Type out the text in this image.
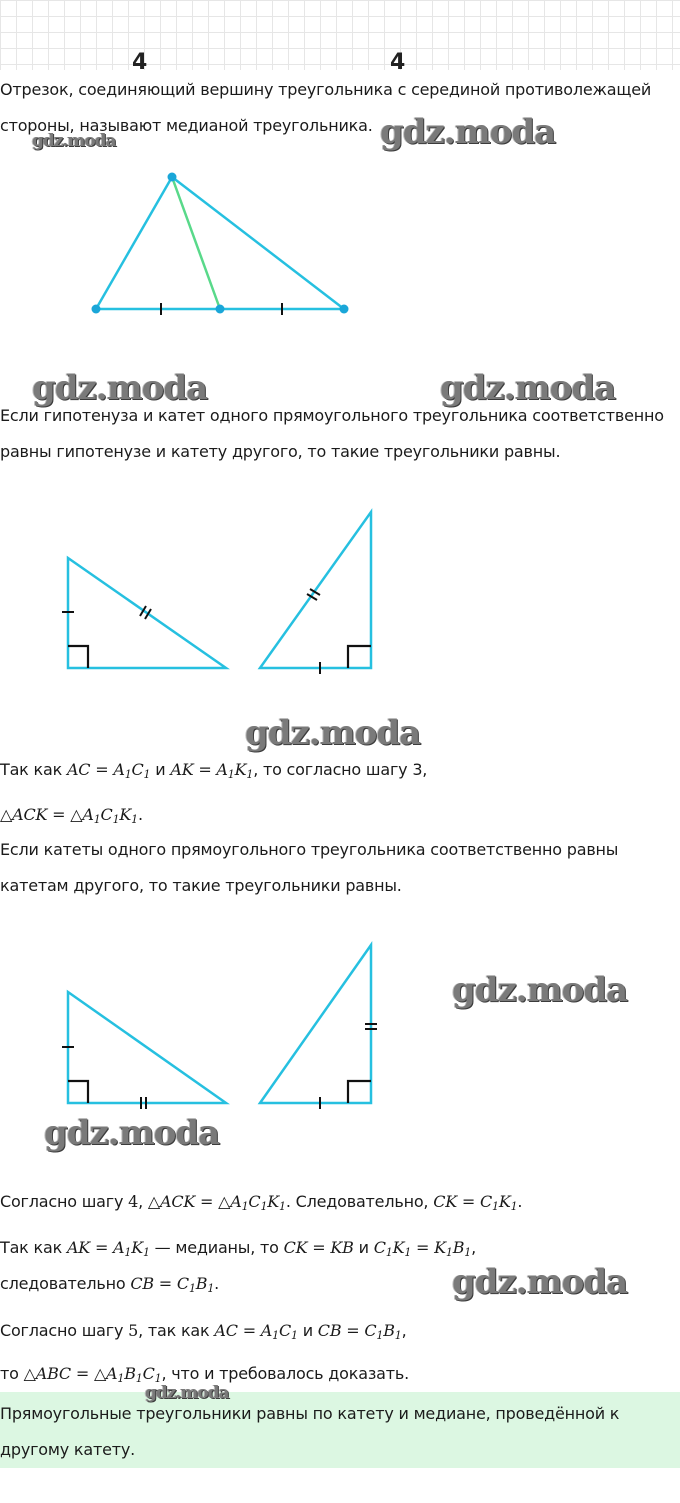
4	4

Отрезок, соединяющий вершину треугольника с серединой противолежащей

стороны, называют медианой треугольника.

Если гипотенуза и катет одного прямоугольного треугольника соответственно

равны гипотенузе и катету другого, то такие треугольники равны.

Так как AC = $A_1C_1$ и AK = $A_1K_1$, то согласно шагу 3,

△ACK = $\triangle A_1C_1K_1$.

Если катеты одного прямоугольного треугольника соответственно равны

катетам другого, то такие треугольники равны.

Согласно шагу 4, △ACK = $\triangle A_1C_1K_1$. Следовательно, CK = $C_1K_1$.

Так как AK = $A_1K_1$ — медианы, то CK = KB и $C_1K_1 = K_1B_1$,

следовательно CB = $C_1B_1$.

Согласно шагу 5, так как AC = $A_1C_1$ и CB = $C_1B_1$,

то △ABC = $\triangle A_1B_1C_1$, что и требовалось доказать.

Прямоугольные треугольники равны по катету и медиане, проведённой к

другому катету.

gdz.moda
gdz.moda
gdz.moda	gdz.moda
gdz.moda
gdz.moda
gdz.moda
gdz.moda
gdz.moda
